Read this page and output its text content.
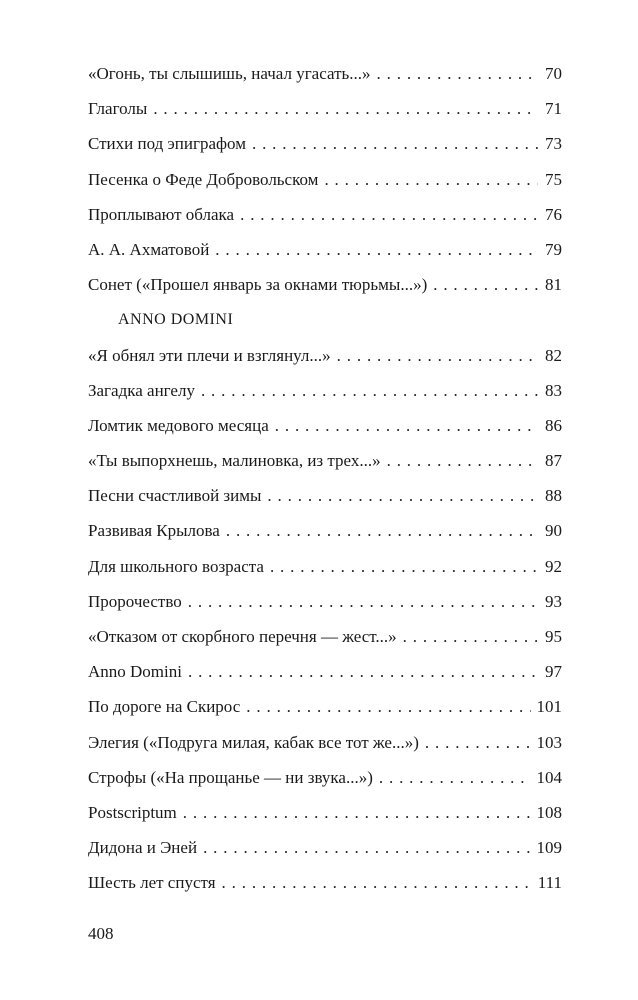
«Огонь, ты слышишь, начал угасать...» . . .	70
Глаголы . . .	71
Стихи под эпиграфом . . .	73
Песенка о Феде Добровольском . . .	75
Проплывают облака . . .	76
А. А. Ахматовой . . .	79
Сонет («Прошел январь за окнами тюрьмы...») . . .	81
ANNO DOMINI
«Я обнял эти плечи и взглянул...» . . .	82
Загадка ангелу . . .	83
Ломтик медового месяца . . .	86
«Ты выпорхнешь, малиновка, из трех...» . . .	87
Песни счастливой зимы . . .	88
Развивая Крылова . . .	90
Для школьного возраста . . .	92
Пророчество . . .	93
«Отказом от скорбного перечня — жест...» . . .	95
Anno Domini . . .	97
По дороге на Скирос . . .	101
Элегия («Подруга милая, кабак все тот же...») . . .	103
Строфы («На прощанье — ни звука...») . . .	104
Postscriptum . . .	108
Дидона и Эней . . .	109
Шесть лет спустя . . .	111
408
